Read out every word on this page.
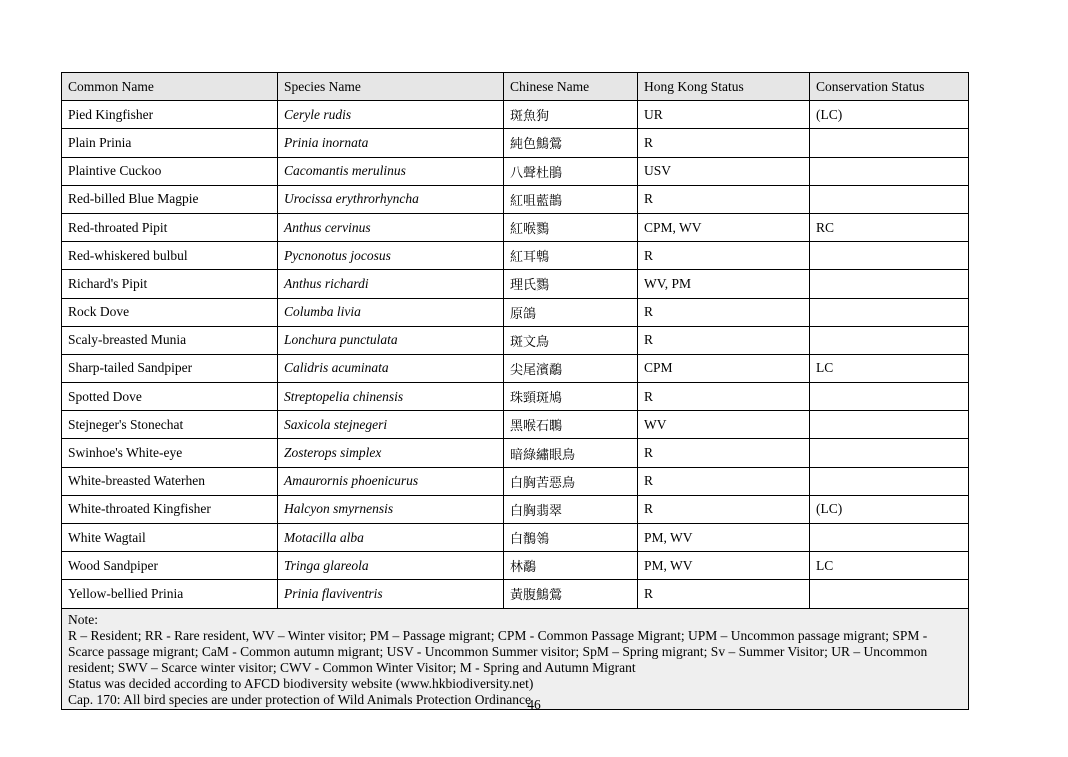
Common Name	Species Name	Chinese Name	Hong Kong Status	Conservation Status
Pied Kingfisher	Ceryle rudis	斑魚狗	UR	(LC)
Plain Prinia	Prinia inornata	純色鷦鶯	R	
Plaintive Cuckoo	Cacomantis merulinus	八聲杜鵑	USV	
Red-billed Blue Magpie	Urocissa erythrorhyncha	紅咀藍鵲	R	
Red-throated Pipit	Anthus cervinus	紅喉鷚	CPM, WV	RC
Red-whiskered bulbul	Pycnonotus jocosus	紅耳鵯	R	
Richard's Pipit	Anthus richardi	理氏鷚	WV, PM	
Rock Dove	Columba livia	原鴿	R	
Scaly-breasted Munia	Lonchura punctulata	斑文鳥	R	
Sharp-tailed Sandpiper	Calidris acuminata	尖尾濱鷸	CPM	LC
Spotted Dove	Streptopelia chinensis	珠頸斑鳩	R	
Stejneger's Stonechat	Saxicola stejnegeri	黑喉石䳭	WV	
Swinhoe's White-eye	Zosterops simplex	暗綠繡眼鳥	R	
White-breasted Waterhen	Amaurornis phoenicurus	白胸苦惡鳥	R	
White-throated Kingfisher	Halcyon smyrnensis	白胸翡翠	R	(LC)
White Wagtail	Motacilla alba	白鶺鴒	PM, WV	
Wood Sandpiper	Tringa glareola	林鷸	PM, WV	LC
Yellow-bellied Prinia	Prinia flaviventris	黃腹鷦鶯	R	

Note:
R – Resident; RR - Rare resident, WV – Winter visitor; PM – Passage migrant; CPM - Common Passage Migrant; UPM – Uncommon passage migrant; SPM - Scarce passage migrant; CaM - Common autumn migrant; USV - Uncommon Summer visitor; SpM – Spring migrant; Sv – Summer Visitor; UR – Uncommon resident; SWV – Scarce winter visitor; CWV - Common Winter Visitor; M - Spring and Autumn Migrant
Status was decided according to AFCD biodiversity website (www.hkbiodiversity.net)
Cap. 170: All bird species are under protection of Wild Animals Protection Ordinance				
46
